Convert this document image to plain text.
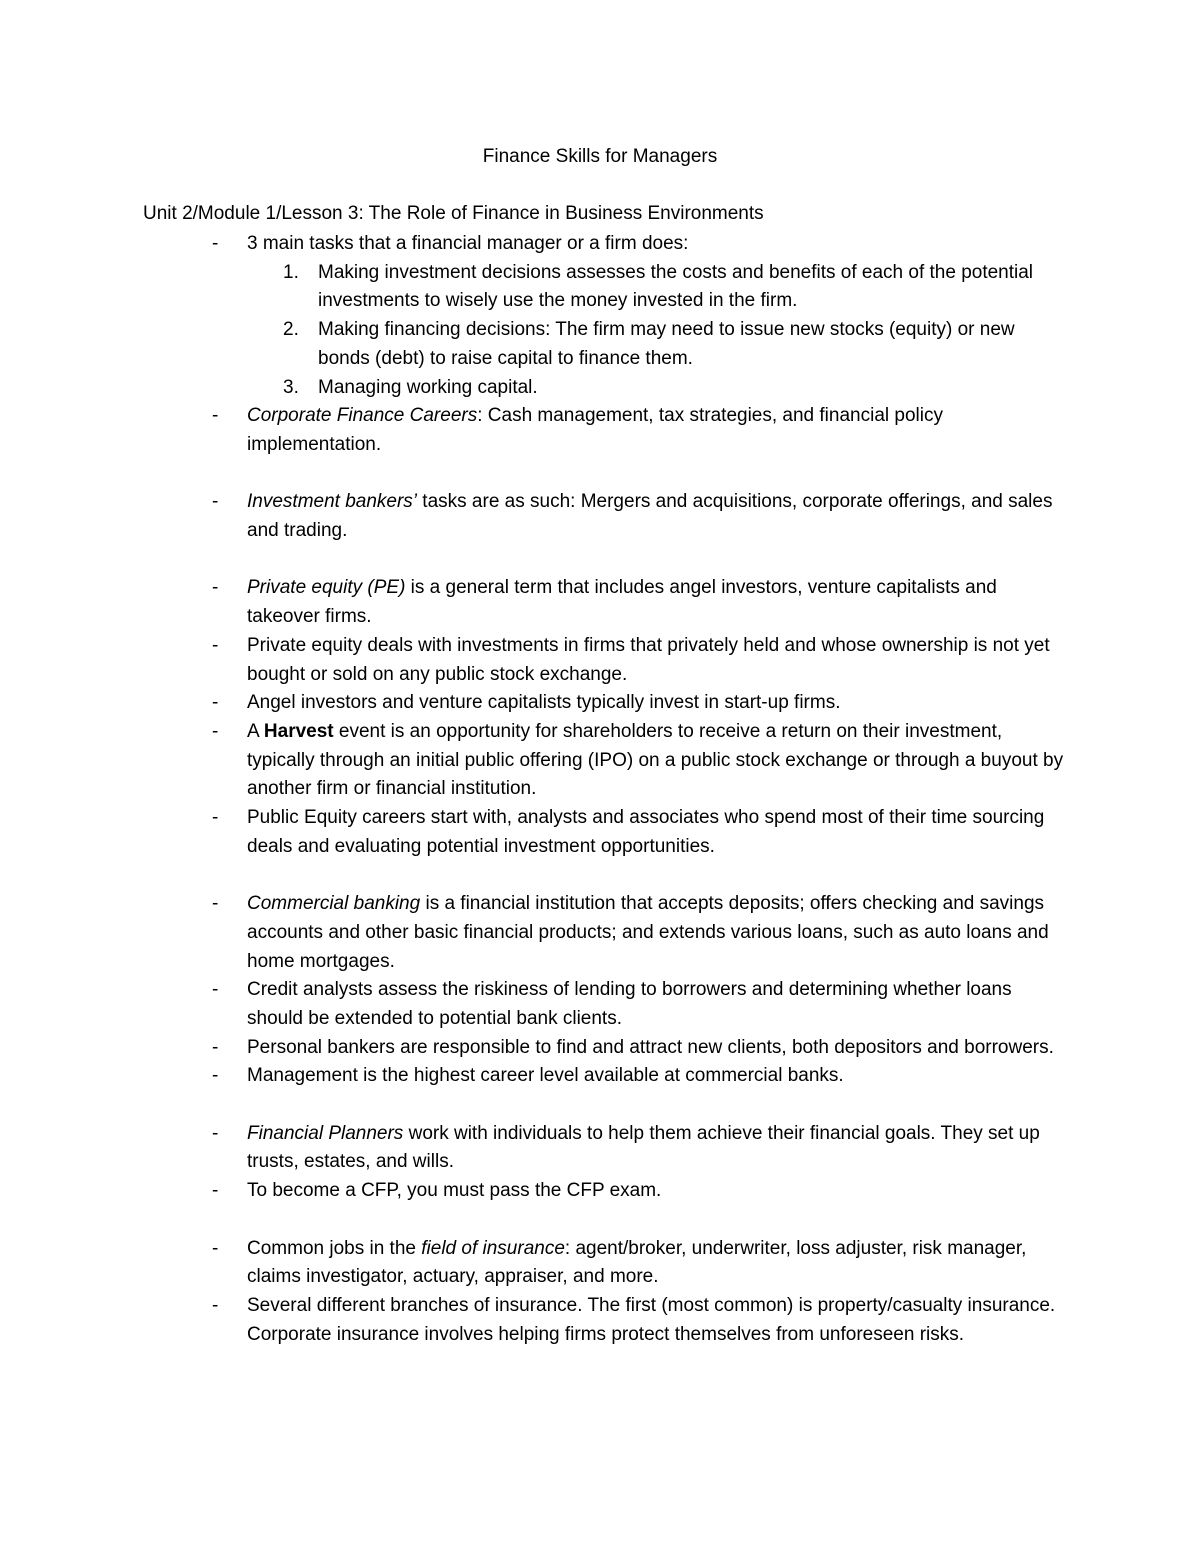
Finance Skills for Managers
Unit 2/Module 1/Lesson 3: The Role of Finance in Business Environments
- 3 main tasks that a financial manager or a firm does:
1. Making investment decisions assesses the costs and benefits of each of the potential investments to wisely use the money invested in the firm.
2. Making financing decisions: The firm may need to issue new stocks (equity) or new bonds (debt) to raise capital to finance them.
3. Managing working capital.
- Corporate Finance Careers: Cash management, tax strategies, and financial policy implementation.
- Investment bankers’ tasks are as such: Mergers and acquisitions, corporate offerings, and sales and trading.
- Private equity (PE) is a general term that includes angel investors, venture capitalists and takeover firms.
- Private equity deals with investments in firms that privately held and whose ownership is not yet bought or sold on any public stock exchange.
- Angel investors and venture capitalists typically invest in start-up firms.
- A Harvest event is an opportunity for shareholders to receive a return on their investment, typically through an initial public offering (IPO) on a public stock exchange or through a buyout by another firm or financial institution.
- Public Equity careers start with, analysts and associates who spend most of their time sourcing deals and evaluating potential investment opportunities.
- Commercial banking is a financial institution that accepts deposits; offers checking and savings accounts and other basic financial products; and extends various loans, such as auto loans and home mortgages.
- Credit analysts assess the riskiness of lending to borrowers and determining whether loans should be extended to potential bank clients.
- Personal bankers are responsible to find and attract new clients, both depositors and borrowers.
- Management is the highest career level available at commercial banks.
- Financial Planners work with individuals to help them achieve their financial goals. They set up trusts, estates, and wills.
- To become a CFP, you must pass the CFP exam.
- Common jobs in the field of insurance: agent/broker, underwriter, loss adjuster, risk manager, claims investigator, actuary, appraiser, and more.
- Several different branches of insurance. The first (most common) is property/casualty insurance. Corporate insurance involves helping firms protect themselves from unforeseen risks.
